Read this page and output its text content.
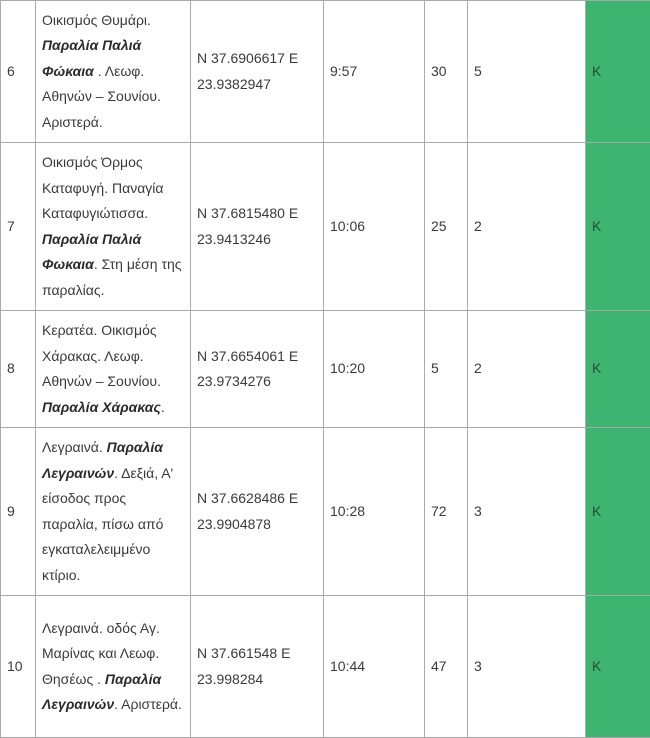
6	Οικισμός Θυμάρι. Παραλία Παλιά Φώκαια . Λεωφ. Αθηνών – Σουνίου. Αριστερά.	N 37.6906617 E
23.9382947	9:57	30	5	K
7	Οικισμός Όρμος Καταφυγή. Παναγία Καταφυγιώτισσα. Παραλία Παλιά Φωκαια. Στη μέση της παραλίας.	N 37.6815480 E
23.9413246	10:06	25	2	K
8	Κερατέα. Οικισμός Χάρακας. Λεωφ. Αθηνών – Σουνίου. Παραλία Χάρακας.	N 37.6654061 E
23.9734276	10:20	5	2	K
9	Λεγραινά. Παραλία Λεγραινών. Δεξιά, Α' είσοδος προς παραλία, πίσω από εγκαταλελειμμένο κτίριο.	N 37.6628486 E
23.9904878	10:28	72	3	K
10	Λεγραινά. οδός Αγ. Μαρίνας και Λεωφ. Θησέως . Παραλία Λεγραινών. Αριστερά.	N 37.661548 E
23.998284	10:44	47	3	K
